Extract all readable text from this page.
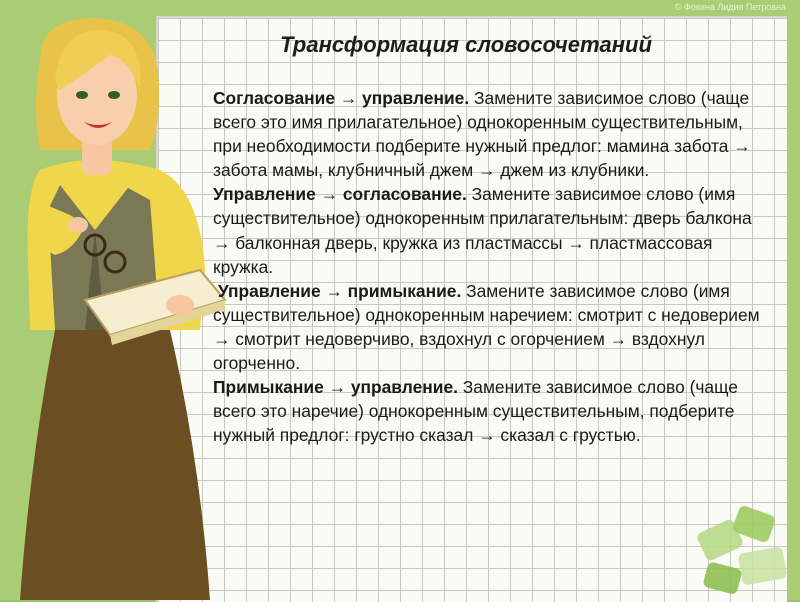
© Фокина Лидия Петровна
Трансформация словосочетаний

Согласование → управление. Замените зависимое слово (чаще всего это имя прилагательное) однокоренным существительным, при необходимости подберите нужный предлог: мамина забота → забота мамы, клубничный джем → джем из клубники.

Управление → согласование. Замените зависимое слово (имя существительное) однокоренным прилагательным: дверь балкона → балконная дверь, кружка из пластмассы → пластмассовая кружка.

Управление → примыкание. Замените зависимое слово (имя существительное) однокоренным наречием: смотрит с недоверием → смотрит недоверчиво, вздохнул с огорчением → вздохнул огорченно.

Примыкание → управление. Замените зависимое слово (чаще всего это наречие) однокоренным существительным, подберите нужный предлог: грустно сказал → сказал с грустью.
